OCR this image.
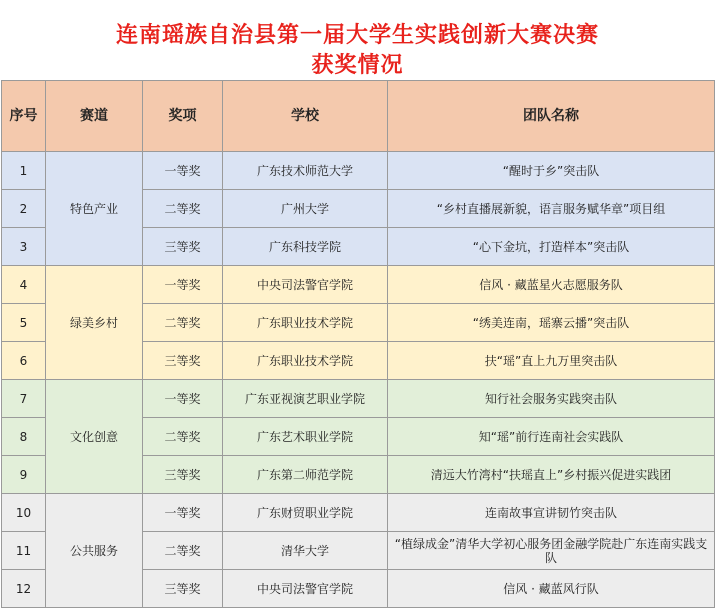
连南瑶族自治县第一届大学生实践创新大赛决赛
获奖情况
序号	赛道	奖项	学校	团队名称
1	特色产业	一等奖	广东技术师范大学	“醒时于乡”突击队
2		二等奖	广州大学	“乡村直播展新貌，语言服务赋华章”项目组
3		三等奖	广东科技学院	“心下金坑，打造样本”突击队
4	绿美乡村	一等奖	中央司法警官学院	信风 · 藏蓝星火志愿服务队
5		二等奖	广东职业技术学院	“绣美连南，瑶寨云播”突击队
6		三等奖	广东职业技术学院	扶“瑶”直上九万里突击队
7	文化创意	一等奖	广东亚视演艺职业学院	知行社会服务实践突击队
8		二等奖	广东艺术职业学院	知“瑶”前行连南社会实践队
9		三等奖	广东第二师范学院	清远大竹湾村“扶瑶直上”乡村振兴促进实践团
10	公共服务	一等奖	广东财贸职业学院	连南故事宣讲韧竹突击队
11		二等奖	清华大学	“植绿成金”清华大学初心服务团金融学院赴广东连南实践支队
12		三等奖	中央司法警官学院	信风 · 藏蓝风行队
